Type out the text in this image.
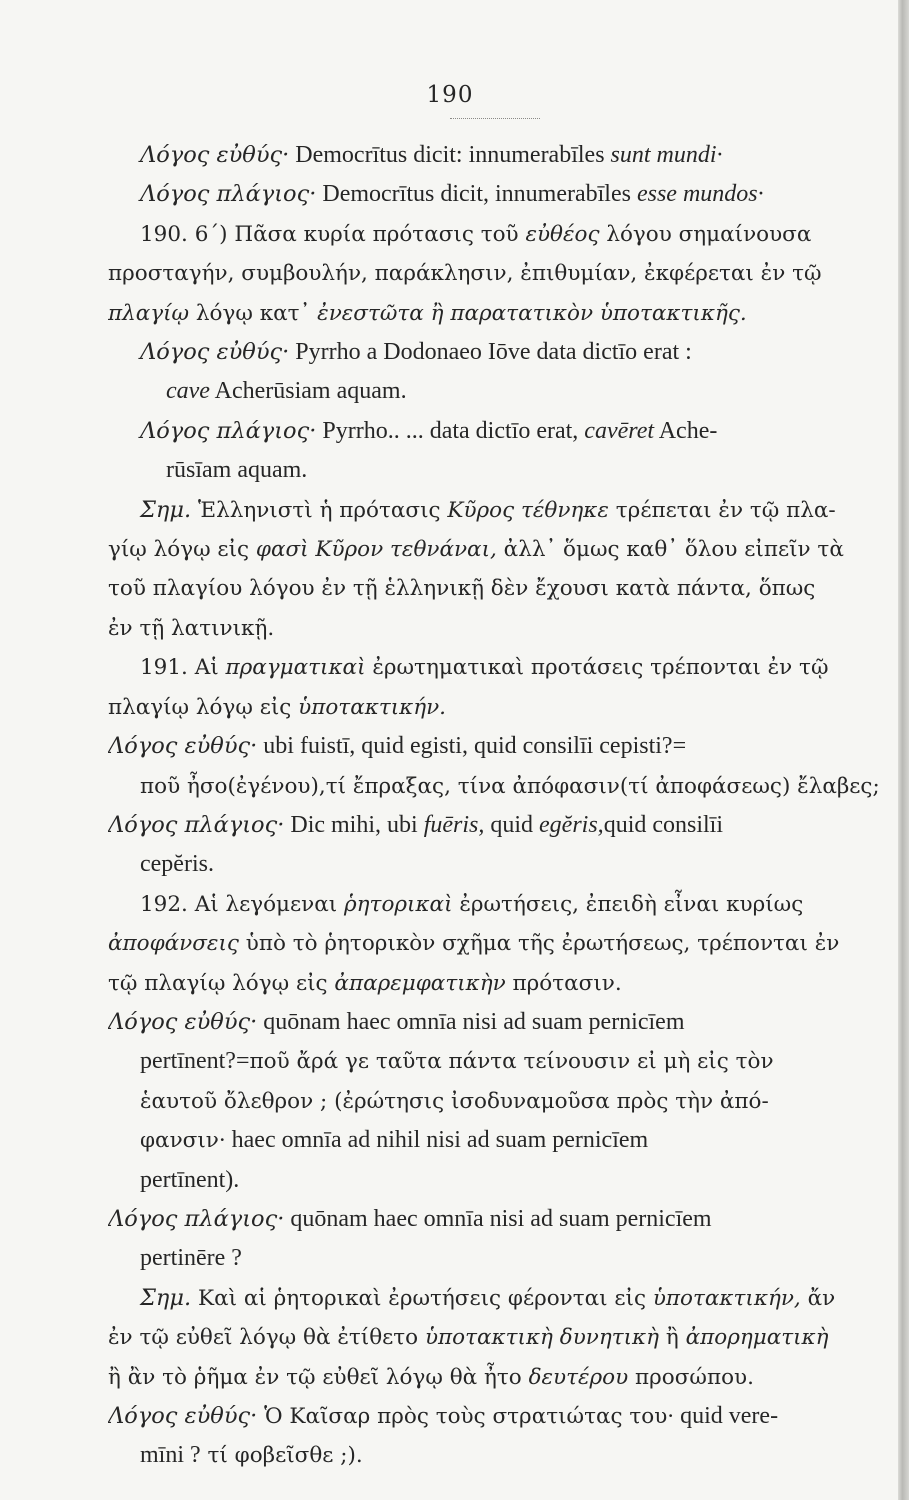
190
Λόγος εὐθύς· Democrītus dicit: innumerabīles sunt mundi·
Λόγος πλάγιος· Democrītus dicit, innumerabīles esse mundos·
190. 6΄) Πᾶσα κυρία πρότασις τοῦ εὐθέος λόγου σημαίνουσα
προσταγήν, συμβουλήν, παράκλησιν, ἐπιθυμίαν, ἐκφέρεται ἐν τῷ
πλαγίῳ λόγῳ κατ᾽ ἐνεστῶτα ἢ παρατατικὸν ὑποτακτικῆς.
Λόγος εὐθύς· Pyrrho a Dodonaeo Iōve data dictīo erat :
cave Acherūsiam aquam.
Λόγος πλάγιος· Pyrrho.. ... data dictīo erat, cavēret Ache-
rūsīam aquam.
Σημ. Ἑλληνιστὶ ἡ πρότασις Κῦρος τέθνηκε τρέπεται ἐν τῷ πλα-
γίῳ λόγῳ εἰς φασὶ Κῦρον τεθνάναι, ἀλλ᾽ ὅμως καθ᾽ ὅλου εἰπεῖν τὰ
τοῦ πλαγίου λόγου ἐν τῇ ἑλληνικῇ δὲν ἔχουσι κατὰ πάντα, ὅπως
ἐν τῇ λατινικῇ.
191. Αἱ πραγματικαὶ ἐρωτηματικαὶ προτάσεις τρέπονται ἐν τῷ
πλαγίῳ λόγῳ εἰς ὑποτακτικήν.
Λόγος εὐθύς· ubi fuistī, quid egisti, quid consilīi cepisti?=
ποῦ ἦσο(ἐγένου),τί ἔπραξας, τίνα ἀπόφασιν(τί ἀποφάσεως) ἔλαβες;
Λόγος πλάγιος· Dic mihi, ubi fuēris, quid egĕris,quid consilīi
cepĕris.
192. Αἱ λεγόμεναι ῥητορικαὶ ἐρωτήσεις, ἐπειδὴ εἶναι κυρίως
ἀποφάνσεις ὑπὸ τὸ ῥητορικὸν σχῆμα τῆς ἐρωτήσεως, τρέπονται ἐν
τῷ πλαγίῳ λόγῳ εἰς ἀπαρεμφατικὴν πρότασιν.
Λόγος εὐθύς· quōnam haec omnīa nisi ad suam pernicīem
pertīnent?=ποῦ ἄρά γε ταῦτα πάντα τείνουσιν εἰ μὴ εἰς τὸν
ἑαυτοῦ ὄλεθρον ; (ἐρώτησις ἰσοδυναμοῦσα πρὸς τὴν ἀπό-
φανσιν· haec omnīa ad nihil nisi ad suam pernicīem
pertīnent).
Λόγος πλάγιος· quōnam haec omnīa nisi ad suam pernicīem
pertinēre ?
Σημ. Καὶ αἱ ῥητορικαὶ ἐρωτήσεις φέρονται εἰς ὑποτακτικήν, ἄν
ἐν τῷ εὐθεῖ λόγῳ θὰ ἐτίθετο ὑποτακτικὴ δυνητικὴ ἢ ἀπορηματικὴ
ἢ ἂν τὸ ῥῆμα ἐν τῷ εὐθεῖ λόγῳ θὰ ἦτο δευτέρου προσώπου.
Λόγος εὐθύς· Ὁ Καῖσαρ πρὸς τοὺς στρατιώτας του· quid vere-
mīni ? τί φοβεῖσθε ;).
